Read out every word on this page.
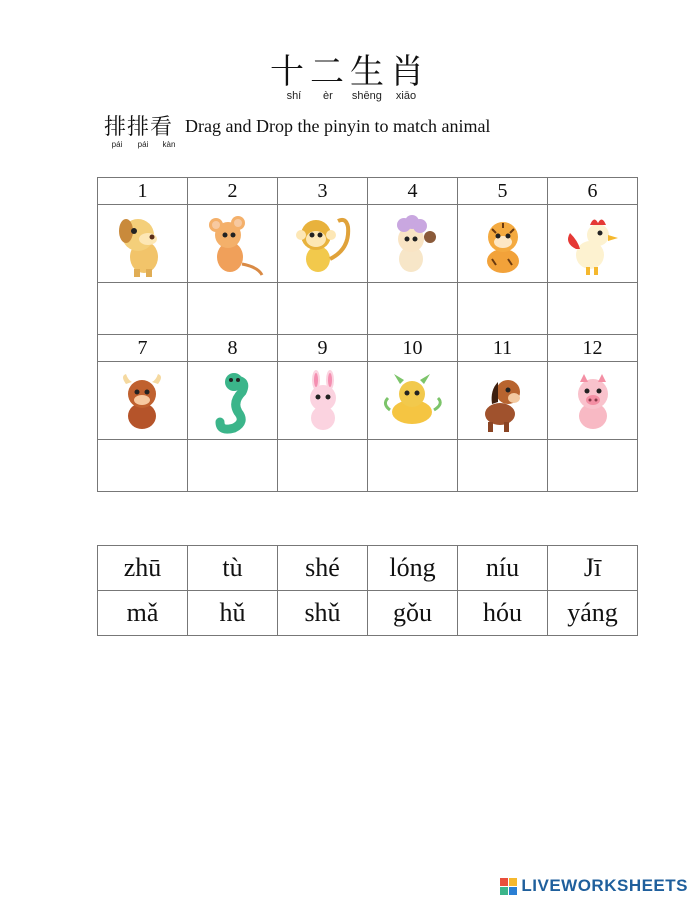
十二生肖
shí	èr	shēng xiāo
排排看 Drag and Drop the pinyin to match animal
pái	pái	kàn
1	2	3	4	5	6

7	8	9	10	11	12

zhū	tù	shé	lóng	níu	Jī
mǎ	hǔ	shǔ	gǒu	hóu	yáng
LIVEWORKSHEETS
